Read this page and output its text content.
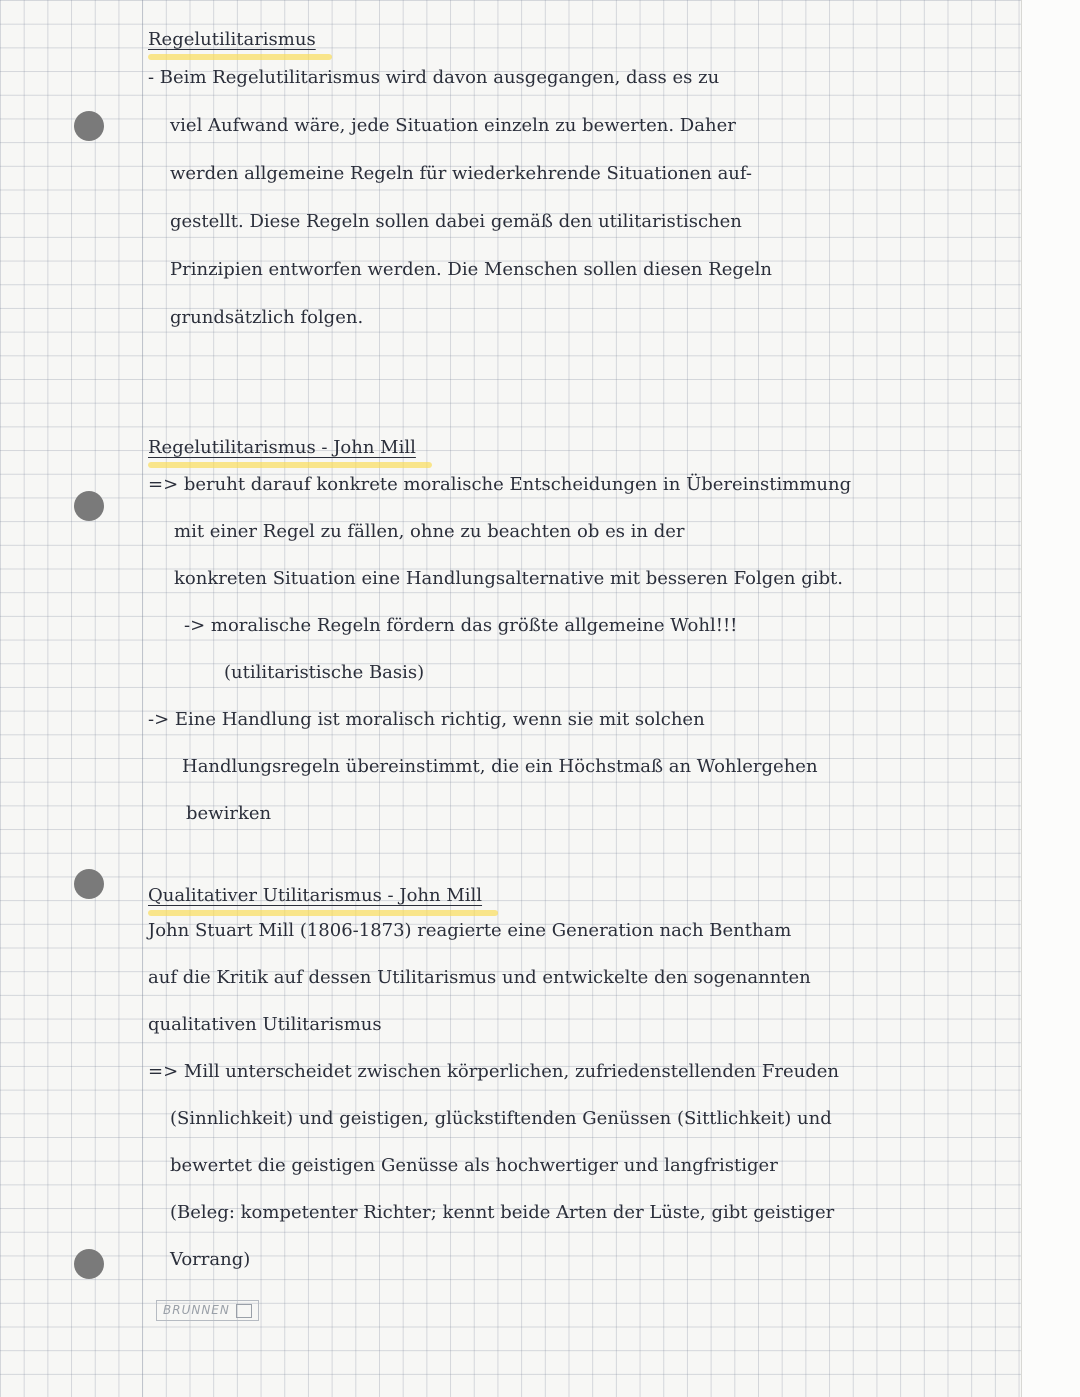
Regelutilitarismus
- Beim Regelutilitarismus wird davon ausgegangen, dass es zu
viel Aufwand wäre, jede Situation einzeln zu bewerten. Daher
werden allgemeine Regeln für wiederkehrende Situationen auf-
gestellt. Diese Regeln sollen dabei gemäß den utilitaristischen
Prinzipien entworfen werden. Die Menschen sollen diesen Regeln
grundsätzlich folgen.
Regelutilitarismus - John Mill
=> beruht darauf konkrete moralische Entscheidungen in Übereinstimmung
mit einer Regel zu fällen, ohne zu beachten ob es in der
konkreten Situation eine Handlungsalternative mit besseren Folgen gibt.
-> moralische Regeln fördern das größte allgemeine Wohl!!!
(utilitaristische Basis)
-> Eine Handlung ist moralisch richtig, wenn sie mit solchen
Handlungsregeln übereinstimmt, die ein Höchstmaß an Wohlergehen
bewirken
Qualitativer Utilitarismus - John Mill
John Stuart Mill (1806-1873) reagierte eine Generation nach Bentham
auf die Kritik auf dessen Utilitarismus und entwickelte den sogenannten
qualitativen Utilitarismus
=> Mill unterscheidet zwischen körperlichen, zufriedenstellenden Freuden
(Sinnlichkeit) und geistigen, glückstiftenden Genüssen (Sittlichkeit) und
bewertet die geistigen Genüsse als hochwertiger und langfristiger
(Beleg: kompetenter Richter; kennt beide Arten der Lüste, gibt geistiger
Vorrang)
BRUNNEN
